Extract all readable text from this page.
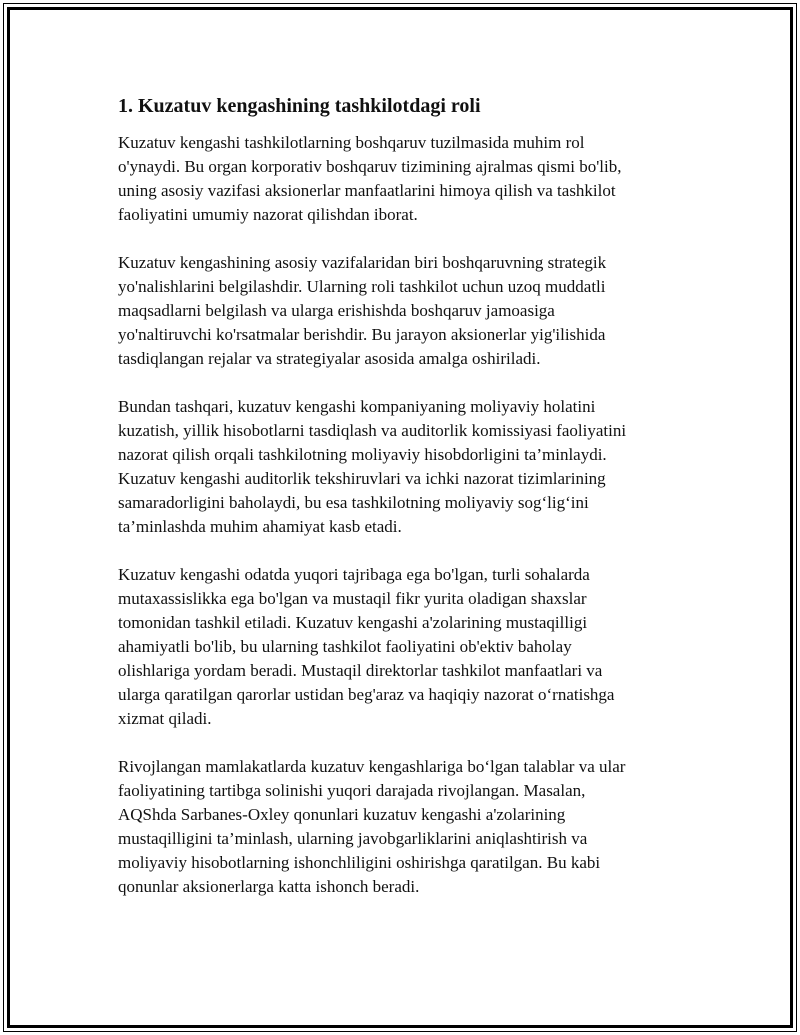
1. Kuzatuv kengashining tashkilotdagi roli

Kuzatuv kengashi tashkilotlarning boshqaruv tuzilmasida muhim rol
o'ynaydi. Bu organ korporativ boshqaruv tizimining ajralmas qismi bo'lib,
uning asosiy vazifasi aksionerlar manfaatlarini himoya qilish va tashkilot
faoliyatini umumiy nazorat qilishdan iborat.

Kuzatuv kengashining asosiy vazifalaridan biri boshqaruvning strategik
yo'nalishlarini belgilashdir. Ularning roli tashkilot uchun uzoq muddatli
maqsadlarni belgilash va ularga erishishda boshqaruv jamoasiga
yo'naltiruvchi ko'rsatmalar berishdir. Bu jarayon aksionerlar yig'ilishida
tasdiqlangan rejalar va strategiyalar asosida amalga oshiriladi.

Bundan tashqari, kuzatuv kengashi kompaniyaning moliyaviy holatini
kuzatish, yillik hisobotlarni tasdiqlash va auditorlik komissiyasi faoliyatini
nazorat qilish orqali tashkilotning moliyaviy hisobdorligini ta’minlaydi.
Kuzatuv kengashi auditorlik tekshiruvlari va ichki nazorat tizimlarining
samaradorligini baholaydi, bu esa tashkilotning moliyaviy sog‘lig‘ini
ta’minlashda muhim ahamiyat kasb etadi.

Kuzatuv kengashi odatda yuqori tajribaga ega bo'lgan, turli sohalarda
mutaxassislikka ega bo'lgan va mustaqil fikr yurita oladigan shaxslar
tomonidan tashkil etiladi. Kuzatuv kengashi a'zolarining mustaqilligi
ahamiyatli bo'lib, bu ularning tashkilot faoliyatini ob'ektiv baholay
olishlariga yordam beradi. Mustaqil direktorlar tashkilot manfaatlari va
ularga qaratilgan qarorlar ustidan beg'araz va haqiqiy nazorat o‘rnatishga
xizmat qiladi.

Rivojlangan mamlakatlarda kuzatuv kengashlariga bo‘lgan talablar va ular
faoliyatining tartibga solinishi yuqori darajada rivojlangan. Masalan,
AQShda Sarbanes-Oxley qonunlari kuzatuv kengashi a'zolarining
mustaqilligini ta’minlash, ularning javobgarliklarini aniqlashtirish va
moliyaviy hisobotlarning ishonchliligini oshirishga qaratilgan. Bu kabi
qonunlar aksionerlarga katta ishonch beradi.
